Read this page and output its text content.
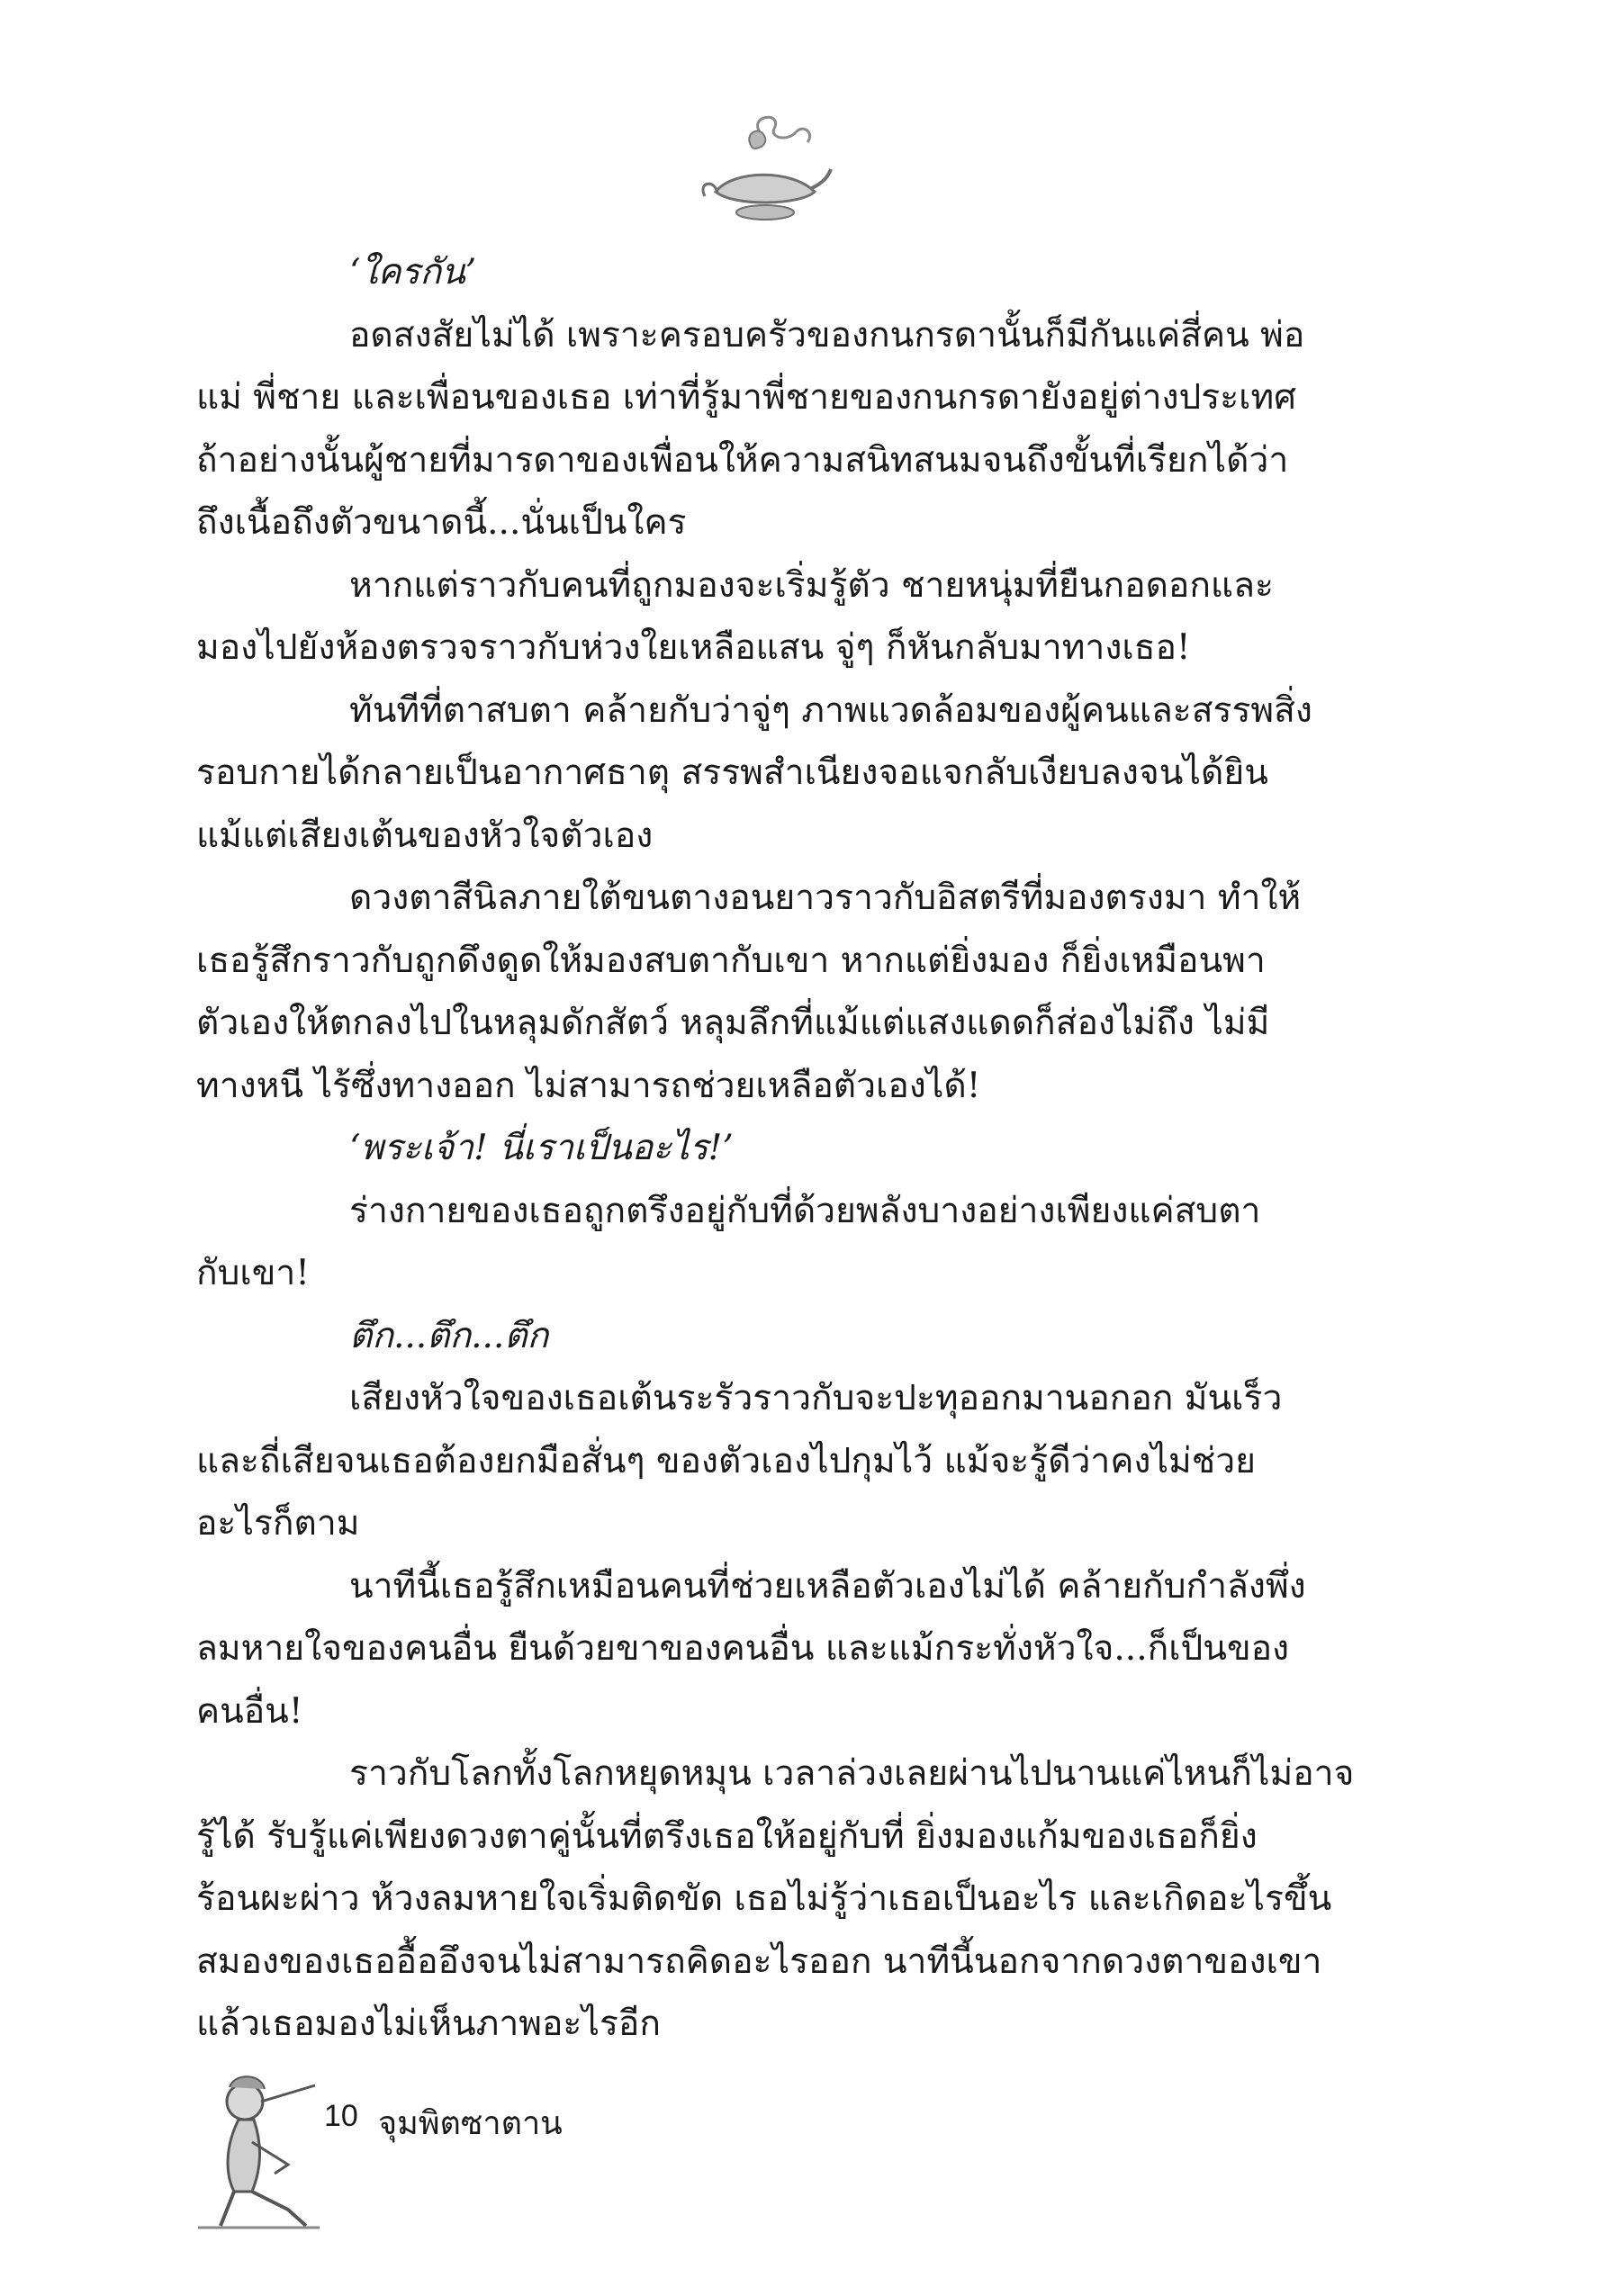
‘ใครกัน’

อดสงสัยไม่ได้ เพราะครอบครัวของกนกรดานั้นก็มีกันแค่สี่คน พ่อ

แม่ พี่ชาย และเพื่อนของเธอ เท่าที่รู้มาพี่ชายของกนกรดายังอยู่ต่างประเทศ

ถ้าอย่างนั้นผู้ชายที่มารดาของเพื่อนให้ความสนิทสนมจนถึงขั้นที่เรียกได้ว่า

ถึงเนื้อถึงตัวขนาดนี้...นั่นเป็นใคร

หากแต่ราวกับคนที่ถูกมองจะเริ่มรู้ตัว ชายหนุ่มที่ยืนกอดอกและ

มองไปยังห้องตรวจราวกับห่วงใยเหลือแสน จู่ๆ ก็หันกลับมาทางเธอ!

ทันทีที่ตาสบตา คล้ายกับว่าจู่ๆ ภาพแวดล้อมของผู้คนและสรรพสิ่ง

รอบกายได้กลายเป็นอากาศธาตุ สรรพสำเนียงจอแจกลับเงียบลงจนได้ยิน

แม้แต่เสียงเต้นของหัวใจตัวเอง

ดวงตาสีนิลภายใต้ขนตางอนยาวราวกับอิสตรีที่มองตรงมา ทำให้

เธอรู้สึกราวกับถูกดึงดูดให้มองสบตากับเขา หากแต่ยิ่งมอง ก็ยิ่งเหมือนพา

ตัวเองให้ตกลงไปในหลุมดักสัตว์ หลุมลึกที่แม้แต่แสงแดดก็ส่องไม่ถึง ไม่มี

ทางหนี ไร้ซึ่งทางออก ไม่สามารถช่วยเหลือตัวเองได้!

‘พระเจ้า! นี่เราเป็นอะไร!’

ร่างกายของเธอถูกตรึงอยู่กับที่ด้วยพลังบางอย่างเพียงแค่สบตา

กับเขา!

ตึก...ตึก...ตึก

เสียงหัวใจของเธอเต้นระรัวราวกับจะปะทุออกมานอกอก มันเร็ว

และถี่เสียจนเธอต้องยกมือสั่นๆ ของตัวเองไปกุมไว้ แม้จะรู้ดีว่าคงไม่ช่วย

อะไรก็ตาม

นาทีนี้เธอรู้สึกเหมือนคนที่ช่วยเหลือตัวเองไม่ได้ คล้ายกับกำลังพึ่ง

ลมหายใจของคนอื่น ยืนด้วยขาของคนอื่น และแม้กระทั่งหัวใจ...ก็เป็นของ

คนอื่น!

ราวกับโลกทั้งโลกหยุดหมุน เวลาล่วงเลยผ่านไปนานแค่ไหนก็ไม่อาจ

รู้ได้ รับรู้แค่เพียงดวงตาคู่นั้นที่ตรึงเธอให้อยู่กับที่ ยิ่งมองแก้มของเธอก็ยิ่ง

ร้อนผะผ่าว ห้วงลมหายใจเริ่มติดขัด เธอไม่รู้ว่าเธอเป็นอะไร และเกิดอะไรขึ้น

สมองของเธออื้ออึงจนไม่สามารถคิดอะไรออก นาทีนี้นอกจากดวงตาของเขา

แล้วเธอมองไม่เห็นภาพอะไรอีก

10 จุมพิตซาตาน
